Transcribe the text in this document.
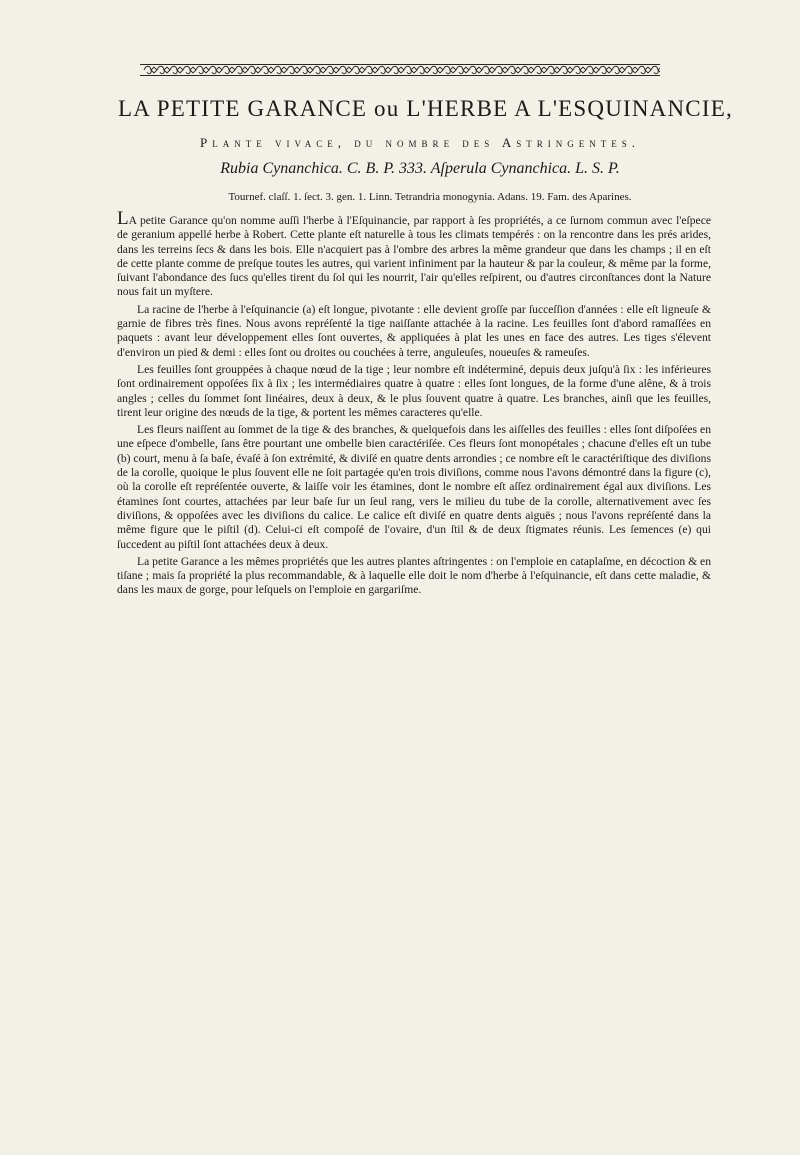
LA PETITE GARANCE ou L'HERBE A L'ESQUINANCIE,
Plante vivace, du nombre des Astringentes.
Rubia Cynanchica. C. B. P. 333. Aſperula Cynanchica. L. S. P.
Tournef. claſſ. 1. ſect. 3. gen. 1. Linn. Tetrandria monogynia. Adans. 19. Fam. des Aparines.

LA petite Garance qu'on nomme auſſi l'herbe à l'Eſquinancie, par rapport à ſes propriétés, a ce ſurnom commun avec l'eſpece de geranium appellé herbe à Robert. Cette plante eſt naturelle à tous les climats tempérés : on la rencontre dans les prés arides, dans les terreins ſecs & dans les bois. Elle n'acquiert pas à l'ombre des arbres la même grandeur que dans les champs ; il en eſt de cette plante comme de preſque toutes les autres, qui varient infiniment par la hauteur & par la couleur, & même par la forme, ſuivant l'abondance des ſucs qu'elles tirent du ſol qui les nourrit, l'air qu'elles reſpirent, ou d'autres circonſtances dont la Nature nous fait un myſtere.

La racine de l'herbe à l'eſquinancie (a) eſt longue, pivotante : elle devient groſſe par ſucceſſion d'années : elle eſt ligneuſe & garnie de fibres très fines. Nous avons repréſenté la tige naiſſante attachée à la racine. Les feuilles ſont d'abord ramaſſées en paquets : avant leur développement elles ſont ouvertes, & appliquées à plat les unes en face des autres. Les tiges s'élevent d'environ un pied & demi : elles ſont ou droites ou couchées à terre, anguleuſes, noueuſes & rameuſes.

Les feuilles ſont grouppées à chaque nœud de la tige ; leur nombre eſt indéterminé, depuis deux juſqu'à ſix : les inférieures ſont ordinairement oppoſées ſix à ſix ; les intermédiaires quatre à quatre : elles ſont longues, de la forme d'une alêne, & à trois angles ; celles du ſommet ſont linéaires, deux à deux, & le plus ſouvent quatre à quatre. Les branches, ainſi que les feuilles, tirent leur origine des nœuds de la tige, & portent les mêmes caracteres qu'elle.

Les fleurs naiſſent au ſommet de la tige & des branches, & quelquefois dans les aiſſelles des feuilles : elles ſont diſpoſées en une eſpece d'ombelle, ſans être pourtant une ombelle bien caractériſée. Ces fleurs ſont monopétales ; chacune d'elles eſt un tube (b) court, menu à ſa baſe, évaſé à ſon extrémité, & diviſé en quatre dents arrondies ; ce nombre eſt le caractériſtique des diviſions de la corolle, quoique le plus ſouvent elle ne ſoit partagée qu'en trois diviſions, comme nous l'avons démontré dans la figure (c), où la corolle eſt repréſentée ouverte, & laiſſe voir les étamines, dont le nombre eſt aſſez ordinairement égal aux diviſions. Les étamines ſont courtes, attachées par leur baſe ſur un ſeul rang, vers le milieu du tube de la corolle, alternativement avec ſes diviſions, & oppoſées avec les diviſions du calice. Le calice eſt diviſé en quatre dents aiguës ; nous l'avons repréſenté dans la même figure que le piſtil (d). Celui-ci eſt compoſé de l'ovaire, d'un ſtil & de deux ſtigmates réunis. Les ſemences (e) qui ſuccedent au piſtil ſont attachées deux à deux.

La petite Garance a les mêmes propriétés que les autres plantes aſtringentes : on l'emploie en cataplaſme, en décoction & en tiſane ; mais ſa propriété la plus recommandable, & à laquelle elle doit le nom d'herbe à l'eſquinancie, eſt dans cette maladie, & dans les maux de gorge, pour leſquels on l'emploie en gargariſme.
